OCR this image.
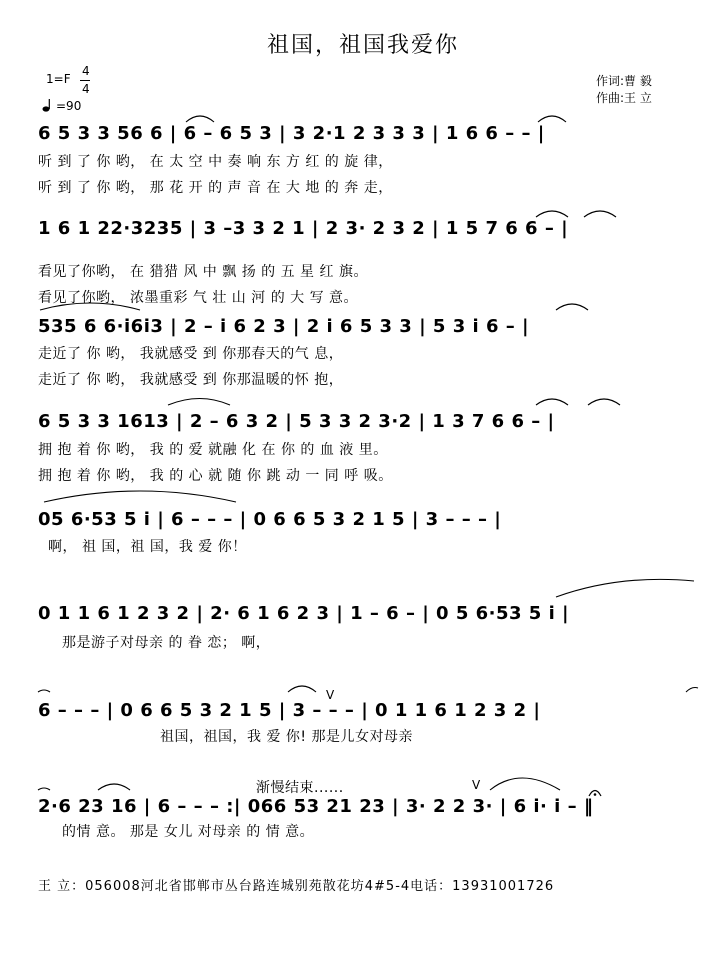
祖国，祖国我爱你
1=F
4
4
=90
作词:曹 毅
作曲:王 立
6 5 3 3 56 6 | 6 – 6 5 3 | 3 2·1 2 3 3 3 | 1 6 6 – – |
听 到 了 你 哟， 在 太 空 中 奏 响 东 方 红 的 旋 律，
听 到 了 你 哟， 那 花 开 的 声 音 在 大 地 的 奔 走，
1 6 1 22·3235 | 3 –3 3 2 1 | 2 3· 2 3 2 | 1 5 7 6 6 – |
看见了你哟， 在 猎猎 风 中 飘 扬 的 五 星 红 旗。
看见了你哟， 浓墨重彩 气 壮 山 河 的 大 写 意。
535 6 6·i6i3 | 2 – i 6 2 3 | 2 i 6 5 3 3 | 5 3 i 6 – |
走近了 你 哟， 我就感受 到 你那春天的气 息，
走近了 你 哟， 我就感受 到 你那温暖的怀 抱，
6 5 3 3 1613 | 2 – 6 3 2 | 5 3 3 2 3·2 | 1 3 7 6 6 – |
拥 抱 着 你 哟， 我 的 爱 就融 化 在 你 的 血 液 里。
拥 抱 着 你 哟， 我 的 心 就 随 你 跳 动 一 同 呼 吸。
05 6·53 5 i | 6 – – – | 0 6 6 5 3 2 1 5 | 3 – – – |
啊， 祖 国，祖 国，我 爱 你！
0 1 1 6 1 2 3 2 | 2· 6 1 6 2 3 | 1 – 6 – | 0 5 6·53 5 i |
那是游子对母亲 的 眷 恋； 啊，
6 – – – | 0 6 6 5 3 2 1 5 | 3 – – – | 0 1 1 6 1 2 3 2 |
祖国，祖国，我 爱 你! 那是儿女对母亲
渐慢结束......
2·6 23 16 | 6 – – – :| 066 53 21 23 | 3· 2 2 3· | 6 i· i – ‖
的情 意。 那是 女儿 对母亲 的 情 意。
V
V
王 立：056008河北省邯郸市丛台路连城别苑散花坊4#5-4电话：13931001726
